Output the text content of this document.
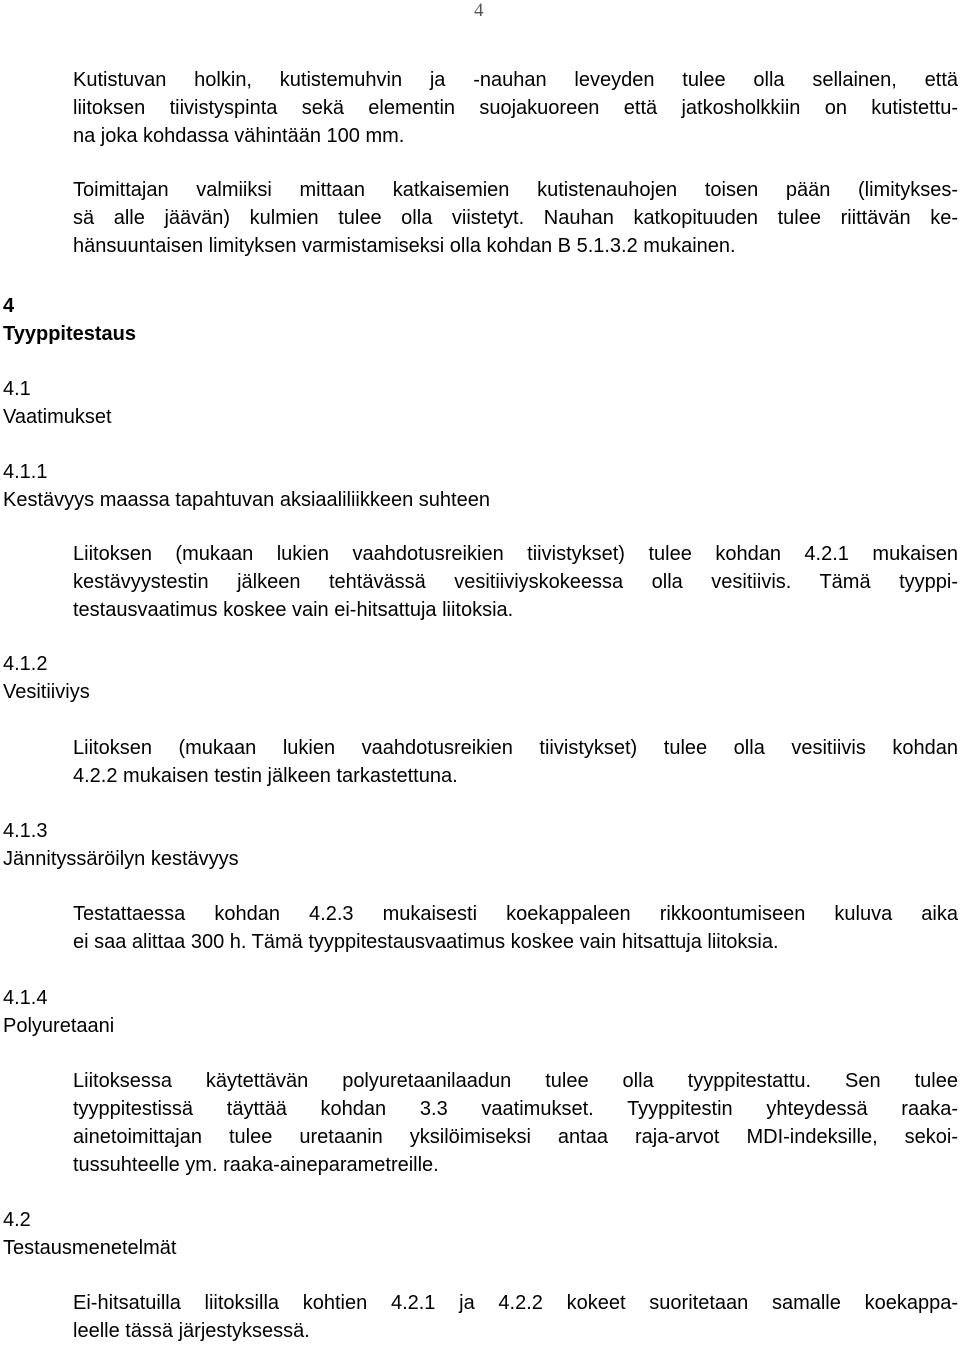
4
Kutistuvan holkin, kutistemuhvin ja -nauhan leveyden tulee olla sellainen, että
liitoksen tiivistyspinta sekä elementin suojakuoreen että jatkosholkkiin on kutistettu-
na joka kohdassa vähintään 100 mm.
Toimittajan valmiiksi mittaan katkaisemien kutistenauhojen toisen pään (limitykses-
sä alle jäävän) kulmien tulee olla viistetyt. Nauhan katkopituuden tulee riittävän ke-
hänsuuntaisen limityksen varmistamiseksi olla kohdan B 5.1.3.2 mukainen.
4
Tyyppitestaus
4.1
Vaatimukset
4.1.1
Kestävyys maassa tapahtuvan aksiaaliliikkeen suhteen
Liitoksen (mukaan lukien vaahdotusreikien tiivistykset) tulee kohdan 4.2.1 mukaisen
kestävyystestin jälkeen tehtävässä vesitiiviyskokeessa olla vesitiivis. Tämä tyyppi-
testausvaatimus koskee vain ei-hitsattuja liitoksia.
4.1.2
Vesitiiviys
Liitoksen (mukaan lukien vaahdotusreikien tiivistykset) tulee olla vesitiivis kohdan
4.2.2 mukaisen testin jälkeen tarkastettuna.
4.1.3
Jännityssäröilyn kestävyys
Testattaessa kohdan 4.2.3 mukaisesti koekappaleen rikkoontumiseen kuluva aika
ei saa alittaa 300 h. Tämä tyyppitestausvaatimus koskee vain hitsattuja liitoksia.
4.1.4
Polyuretaani
Liitoksessa käytettävän polyuretaanilaadun tulee olla tyyppitestattu. Sen tulee
tyyppitestissä täyttää kohdan 3.3 vaatimukset. Tyyppitestin yhteydessä raaka-
ainetoimittajan tulee uretaanin yksilöimiseksi antaa raja-arvot MDI-indeksille, sekoi-
tussuhteelle ym. raaka-aineparametreille.
4.2
Testausmenetelmät
Ei-hitsatuilla liitoksilla kohtien 4.2.1 ja 4.2.2 kokeet suoritetaan samalle koekappa-
leelle tässä järjestyksessä.
